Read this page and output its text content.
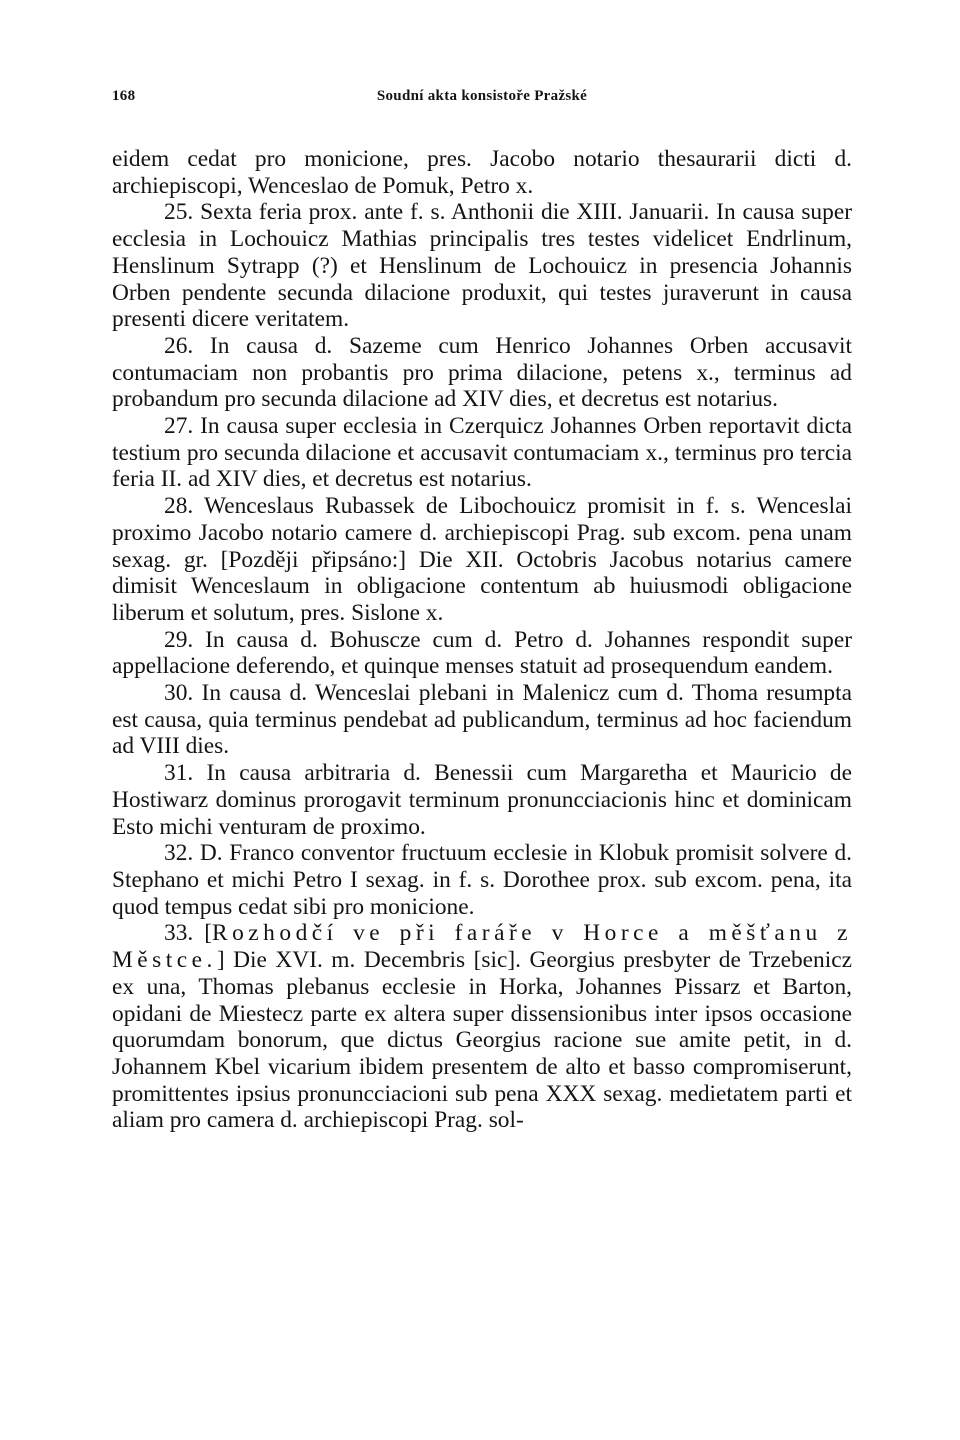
168	Soudní akta konsistoře Pražské

eidem cedat pro monicione, pres. Jacobo notario thesaurarii dicti d. archiepiscopi, Wenceslao de Pomuk, Petro x.

25. Sexta feria prox. ante f. s. Anthonii die XIII. Januarii. In causa super ecclesia in Lochouicz Mathias principalis tres testes videlicet Endrlinum, Henslinum Sytrapp (?) et Henslinum de Lochouicz in presencia Johannis Orben pendente secunda dilacione produxit, qui testes juraverunt in causa presenti dicere veritatem.

26. In causa d. Sazeme cum Henrico Johannes Orben accusavit contumaciam non probantis pro prima dilacione, petens x., terminus ad probandum pro secunda dilacione ad XIV dies, et decretus est notarius.

27. In causa super ecclesia in Czerquicz Johannes Orben reportavit dicta testium pro secunda dilacione et accusavit contumaciam x., terminus pro tercia feria II. ad XIV dies, et decretus est notarius.

28. Wenceslaus Rubassek de Libochouicz promisit in f. s. Wenceslai proximo Jacobo notario camere d. archiepiscopi Prag. sub excom. pena unam sexag. gr. [Později připsáno:] Die XII. Octobris Jacobus notarius camere dimisit Wenceslaum in obligacione contentum ab huiusmodi obligacione liberum et solutum, pres. Sislone x.

29. In causa d. Bohuscze cum d. Petro d. Johannes respondit super appellacione deferendo, et quinque menses statuit ad prosequendum eandem.

30. In causa d. Wenceslai plebani in Malenicz cum d. Thoma resumpta est causa, quia terminus pendebat ad publicandum, terminus ad hoc faciendum ad VIII dies.

31. In causa arbitraria d. Benessii cum Margaretha et Mauricio de Hostiwarz dominus prorogavit terminum pronuncciacionis hinc et dominicam Esto michi venturam de proximo.

32. D. Franco conventor fructuum ecclesie in Klobuk promisit solvere d. Stephano et michi Petro I sexag. in f. s. Dorothee prox. sub excom. pena, ita quod tempus cedat sibi pro monicione.

33. [Rozhodčí ve při faráře v Horce a měšťanu z Městce.] Die XVI. m. Decembris [sic]. Georgius presbyter de Trzebenicz ex una, Thomas plebanus ecclesie in Horka, Johannes Pissarz et Barton, opidani de Miestecz parte ex altera super dissensionibus inter ipsos occasione quorumdam bonorum, que dictus Georgius racione sue amite petit, in d. Johannem Kbel vicarium ibidem presentem de alto et basso compromiserunt, promittentes ipsius pronuncciacioni sub pena XXX sexag. medietatem parti et aliam pro camera d. archiepiscopi Prag. sol-
